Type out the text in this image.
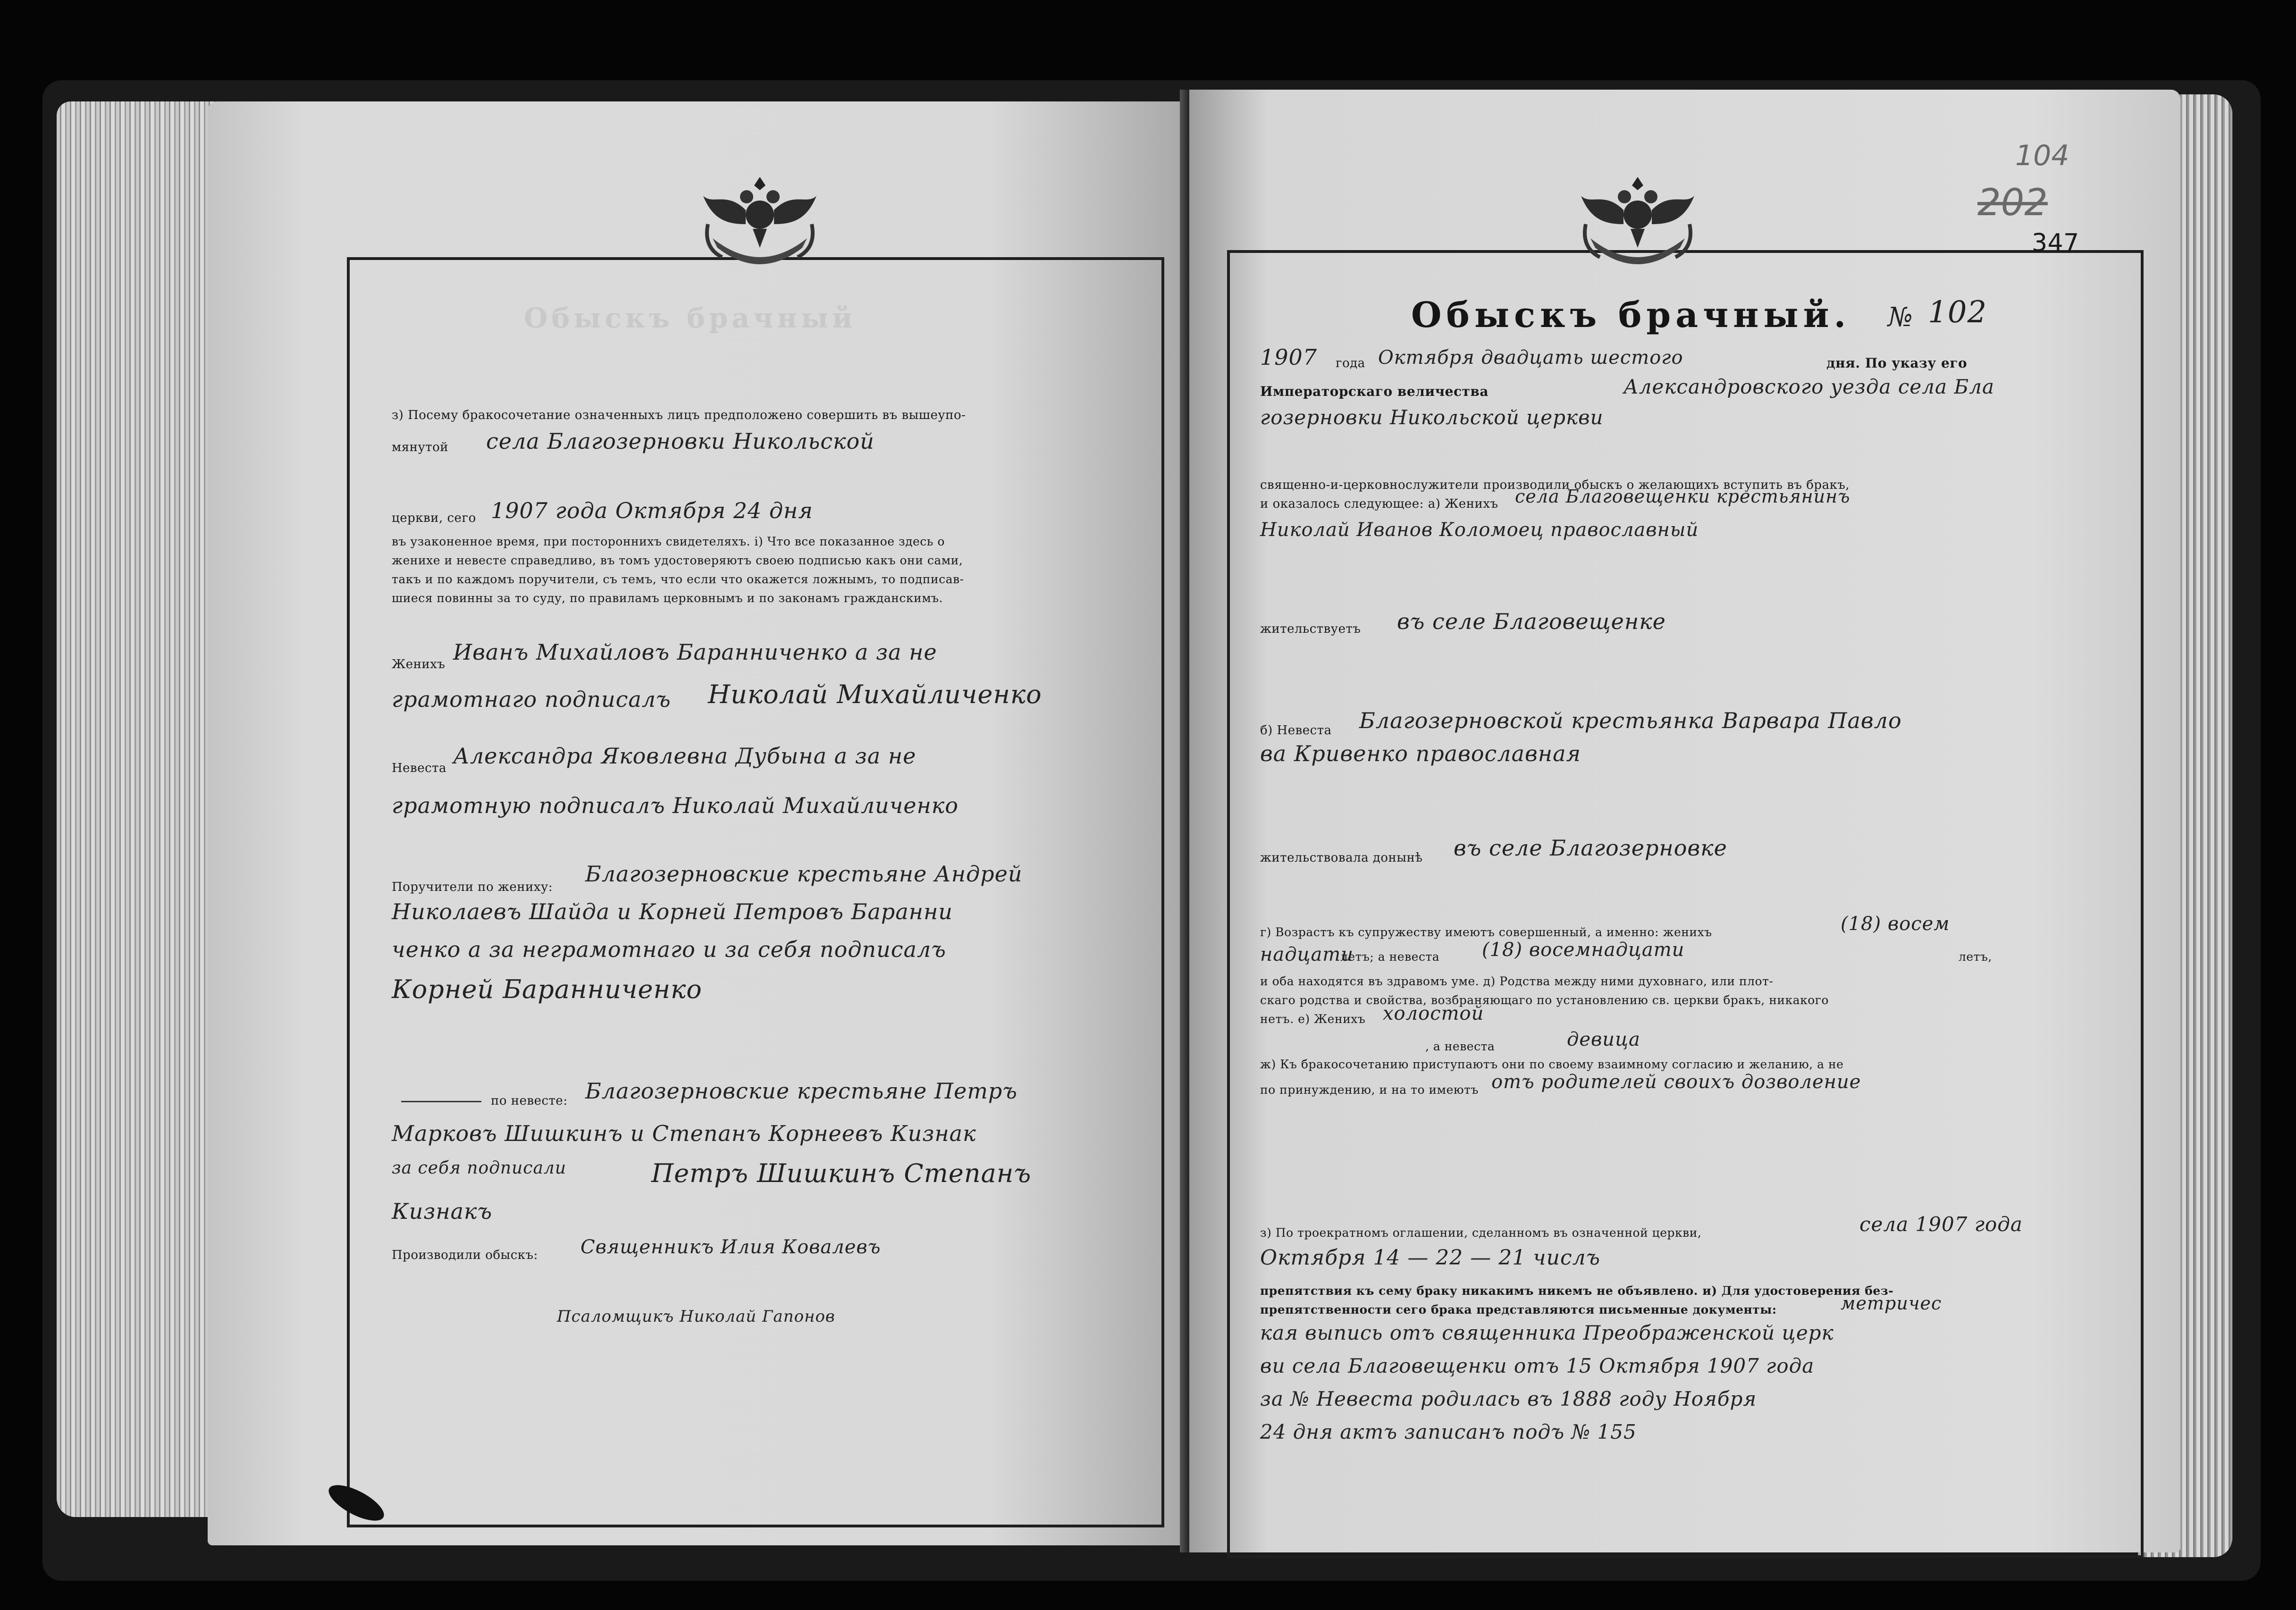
Обыскъ брачный
з) Посему бракосочетание означенныхъ лицъ предположено совершить въ вышеупо-
мянутой села Благозерновки Никольской
церкви, сего 1907 года Октября 24 дня
въ узаконенное время, при постороннихъ свидетеляхъ. і) Что все показанное здесь о
женихе и невесте справедливо, въ томъ удостоверяютъ своею подписью какъ они сами,
такъ и по каждомъ поручители, съ темъ, что если что окажется ложнымъ, то подписав-
шиеся повинны за то суду, по правиламъ церковнымъ и по законамъ гражданскимъ.
Женихъ Иванъ Михайловъ Баранниченко а за не
грамотнаго подписалъ Николай Михайличенко
Невеста Александра Яковлевна Дубына а за не
грамотную подписалъ Николай Михайличенко
Поручители по жениху:
Благозерновские крестьяне Андрей
Николаевъ Шайда и Корней Петровъ Баранни
ченко а за неграмотнаго и за себя подписалъ
Корней Баранниченко
по невесте: Благозерновские крестьяне Петръ
Марковъ Шишкинъ и Степанъ Корнеевъ Кизнак
за себя подписали	Петръ Шишкинъ Степанъ
Кизнакъ
Производили обыскъ: Священникъ Илия Ковалевъ
Псаломщикъ Николай Гапонов
104
202
347
Обыскъ брачный. № 102
1907 года Октября двадцать шестого	дня. По указу его
Императорскаго величества	Александровского уезда села Бла
гозерновки Никольской церкви
священно-и-церковнослужители производили обыскъ о желающихъ вступить въ бракъ,
и оказалось следующее: а) Женихъ села Благовещенки крестьянинъ
Николай Иванов Коломоец православный
жительствуетъ въ селе Благовещенке
б) Невеста Благозерновской крестьянка Варвара Павло
ва Кривенко православная
жительствовала донынѣ въ селе Благозерновке
г) Возрастъ къ супружеству имеютъ совершенный, а именно: женихъ	(18) восем
надцати
летъ; а невеста (18) восемнадцати	летъ,
и оба находятся въ здравомъ уме. д) Родства между ними духовнаго, или плот-
скаго родства и свойства, возбраняющаго по установлению св. церкви бракъ, никакого
нетъ. е) Женихъ холостой
, а невеста	девица
ж) Къ бракосочетанию приступаютъ они по своему взаимному согласию и желанию, а не
по принуждению, и на то имеютъ отъ родителей своихъ дозволение
з) По троекратномъ оглашении, сделанномъ въ означенной церкви,	села 1907 года
Октября 14 — 22 — 21 числъ
препятствия къ сему браку никакимъ никемъ не объявлено. и) Для удостоверения без-
препятственности сего брака представляются письменные документы:	метричес
кая выпись отъ священника Преображенской церк
ви села Благовещенки отъ 15 Октября 1907 года
за № Невеста родилась въ 1888 году Ноября
24 дня актъ записанъ подъ № 155
